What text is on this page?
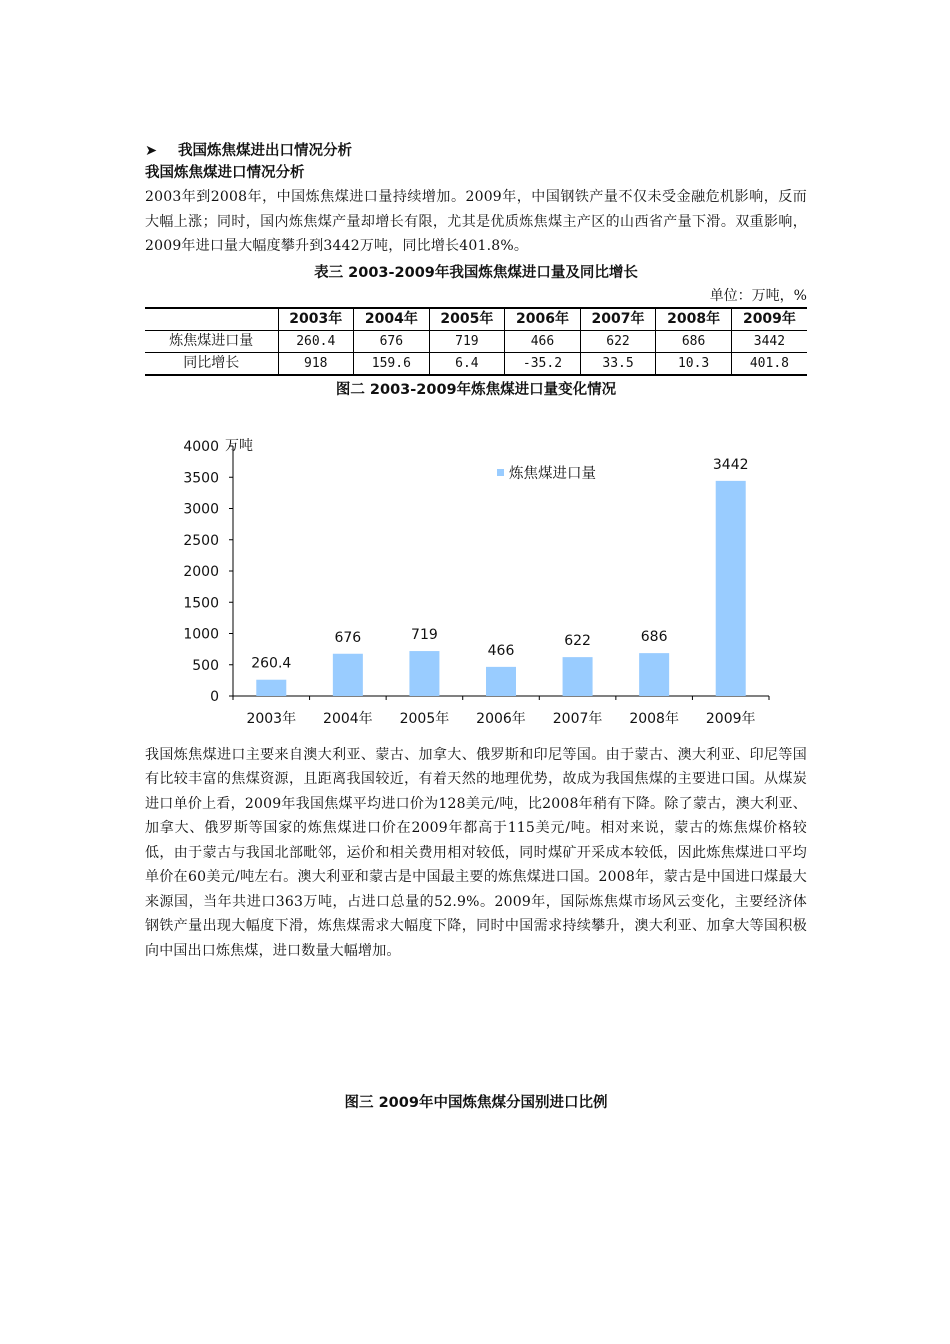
➤ 我国炼焦煤进出口情况分析
我国炼焦煤进口情况分析
2003年到2008年，中国炼焦煤进口量持续增加。2009年，中国钢铁产量不仅未受金融危机影响，反而大幅上涨；同时，国内炼焦煤产量却增长有限，尤其是优质炼焦煤主产区的山西省产量下滑。双重影响，2009年进口量大幅度攀升到3442万吨，同比增长401.8%。
表三 2003-2009年我国炼焦煤进口量及同比增长
单位：万吨，%
	2003年	2004年	2005年	2006年	2007年	2008年	2009年
炼焦煤进口量	260.4	676	719	466	622	686	3442
同比增长	918	159.6	6.4	-35.2	33.5	10.3	401.8
图二 2003-2009年炼焦煤进口量变化情况
0
500
1000
1500
2000
2500
3000
3500
4000 万吨
260.4
2003年
676
2004年
719
2005年
466
2006年
622
2007年
686
2008年
3442
2009年
炼焦煤进口量
我国炼焦煤进口主要来自澳大利亚、蒙古、加拿大、俄罗斯和印尼等国。由于蒙古、澳大利亚、印尼等国有比较丰富的焦煤资源，且距离我国较近，有着天然的地理优势，故成为我国焦煤的主要进口国。从煤炭进口单价上看，2009年我国焦煤平均进口价为128美元/吨，比2008年稍有下降。除了蒙古，澳大利亚、加拿大、俄罗斯等国家的炼焦煤进口价在2009年都高于115美元/吨。相对来说，蒙古的炼焦煤价格较低，由于蒙古与我国北部毗邻，运价和相关费用相对较低，同时煤矿开采成本较低，因此炼焦煤进口平均单价在60美元/吨左右。澳大利亚和蒙古是中国最主要的炼焦煤进口国。2008年，蒙古是中国进口煤最大来源国，当年共进口363万吨，占进口总量的52.9%。2009年，国际炼焦煤市场风云变化，主要经济体钢铁产量出现大幅度下滑，炼焦煤需求大幅度下降，同时中国需求持续攀升，澳大利亚、加拿大等国积极向中国出口炼焦煤，进口数量大幅增加。
图三 2009年中国炼焦煤分国别进口比例
